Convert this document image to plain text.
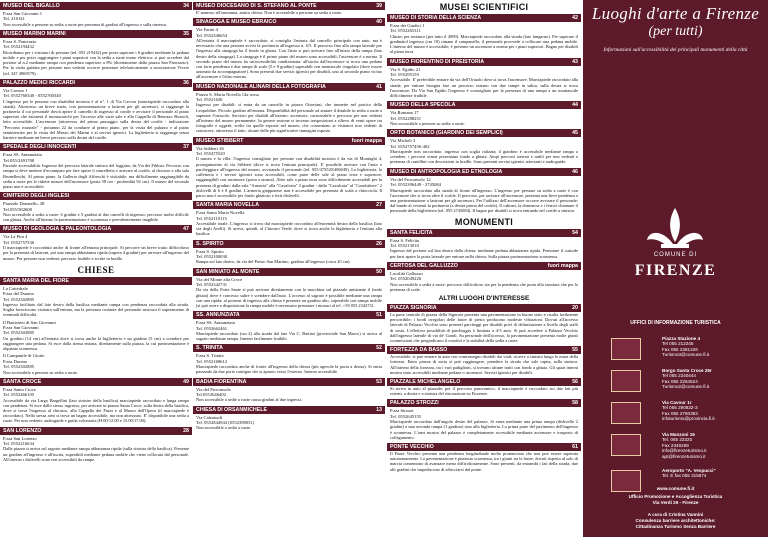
MUSEO DEL BIGALLO	34
P.zza San Giovanni 1
Tel. 210141
Non accessibile a persone su sedia a ruote per presenza di gradini all'ingresso e sulla rimessa.
MUSEO MARINO MARINI	35
P.zza S. Pancrazio
Tel. 0552194432
Ricordiamo per i visitatori di persone (tel. 055 219432) per poter superare i 6 gradini mediante la pedana mobile e per poter raggiungere i piani superiori con la sedia a ruote mono elettrica: si può accedere dal portone al n.2 mediante rampa con pendenza superiore a 8% (direttamente dalla piazza San Pancrazio). Per la visita guidata per persone non vedenti occorre prenotare telefonicamente a associazione Vivere (tel. 347 4969579).
PALAZZO MEDICI RICCARDI	36
Via Cavour 1
Tel. 0552760340 - 0552760340
L'ingresso per le persone con disabilità motoria è al n°. 1 di Via Cavour (marciapiede raccordato alla strada). Attraverso un breve tratto, con pavimentazione a lastroni per gli ascensori, si raggiunge la portineria il cui personale dovrà aprire il cancello di ingresso al cortile e avvisare il personale al piano superiore che azionerà il montacarichi per l'accesso alle varie sale e alla Cappella di Benozzo Bozzoli, letto accessibile. L'ascensore (attraverso del primo passaggio sulla destra del cortile - indicazione "Percorso museale" - potranno 22 da condurre al primo piano, per la visita del palazzo e al piano seminterrato per la visita del Museo dei Marmi e ai servizi igienici. La biglietteria si raggiunge senza barriere mediante un breve percorso sulla destra del cortile.
SPEDALE DEGLI INNOCENTI	37
P.zza SS. Annunziata
Tel.055/2491708
Parziale accessibilità. Ingresso del percorso laterale sinistro del loggiato, da Via dei Fibbiai. Percorso con rampa si deve mettere d'accampato per fare aprire il cancelletto e arrivare al cortile, al chiostro e alla sala Brunelleschi. Al primo piano, la Galleria degli Affreschi è visitabile, ma difficilmente raggiungibile da sedia a ruote per le ridotte misure dell'ascensore (porta 58 cm - profondità 92 cm). Il museo del secondo piano non è accessibile.
CIMITERO DEGLI INGLESI
Piazzale Donatello, 38
Tel.055/582608
Non accessibile a sedia a ruote: 6 gradini e 5 gradini al due cancelli di ingresso; percorso molto difficile con ghiaia. Anche all'interno la pavimentazione è sconnessa e prevalentemente inagibile.
MUSEO DI GEOLOGIA E PALEONTOLOGIA	47
Via La Pira 4
Tel. 0552757536
Il marciapiede è raccordato anche di fronte all'entrata principale. Si percorre un breve tratto difficoltoso per la presenza di lastroni, poi una rampa abbastanza ripida (supera 4 gradini) per arrivare all'ingresso del museo. Per persone non vedenti: percorso fruibile e scritte in braille.
CHIESE
SANTA MARIA DEL FIORE
La Cattedrale
P.zza del Duomo
Tel. 0552302885
Ingresso facilitato dal lato destro della basilica mediante rampa con pendenza raccordata alla strada. Soglia favoriscono visitatra sull'entrata, ma la presenza costante del personale assicura il superamento di eventuali difficoltà.
Il Battistero di San Giovanni
P.zza San Giovanni
Tel. 0552302885
Un gradino (14 cm) all'entrata dove si trova anche la biglietteria e un gradino (5 cm) a scendere per raggiungere una pedana. Si esce dalla stessa entrata, direttamente sulla piazza, la cui pavimentazione è alquanto sconnessa.
Il Campanile di Giotto
P.zza Duomo
Tel. 0552302885
Non accessibile a persone su sedia a ruote.
SANTA CROCE	49
P.zza Santa Croce
Tel. 0552466105
Accessibile da via Largo Bargellini (lato sinistro della basilica) marciapiede raccordato e lunga rampa con pendenza. Si esce dallo stesso ingresso, per arrivare in piazza Santa Croce, sulla destra della basilica, dove si trova l'ingresso al chiostro, alla Cappella dei Pazzi e al Museo dell'Opera (il marciapiede è raccordato). Nella stessa area si trova un bagno accessibile, ma non attrezzato. E' disponibile una sedia a ruote. Per non vedenti: audioguide e guida volontaria (H.00/12.00 e 15.00/17.00).
SAN LORENZO	28
P.zza San Lorenzo
Tel. 0552216634
Dalla piazza si arriva sul sagrato mediante rampa abbastanza ripida (sulla sinistra della basilica). Presente un gradino all'ingresso e all'uscita, superabili mediante pedana mobile che viene collocata dal personale. All'interno i dislivelli sono resi accessibili da rampe.
MUSEO DIOCESANO DI S. STEFANO AL PONTE	39
E' annesso all'omonima, antica chiesa. Non è accessibile a persone su sedia a ruote.
SINAGOGA E MUSEO EBRAICO	40
Via Farini 4
Tel. 0552346654
All'entrata il marciapiede è raccordato; si consiglia l'entrata dal cancello principale con auto, ma è necessario che una persona avvisi la portineria all'ingresso n. 6/5. Il percorso fino alla rampa laterale per l'ingresso alla sinagoga ha il fondo in ghiaia. Con l'auto si può arrivare fino all'inizio della rampa (lato destro della sinagoga). La sinagoga è il primo piano del museo sono accessibili; l'ascensore è a norma. Il secondo piano del museo ha un'accessibilità condizionata: all'uscita dall'ascensore si trova una pedana con forte pendenza e due rampe di scale (5 e 8 gradini) superabili con montascale cingolato (dove essere azionato da accompagnatore). Sono presenti due servizi igienici per disabili, uno al secondo piano vicino all'ascensore e l'altro esterno.
MUSEO NAZIONALE ALINARI DELLA FOTOGRAFIA	41
Piazza S. Maria Novella 14a rosso
Tel. 05521630
Ingresso per disabili: si entra da un cancello in piazza Ottaviani, che immette nel portico della Leopoldine. Piccolo gradino all'entrata. Disponibilità del personale ad aiutare il disabile in sedia a ruote a superare l'ostacolo. Servizio per disabili all'interno: ascensore, carrozzabile e percorso per non vedenti all'interno del museo permanente. In genere sezione si trovano trasposizioni a rilievo di venti opere tra fotografie e oggetti, scelte tra quelle esposte nel museo, che consentono ai visitatori non vedenti di conoscere, attraverso il tatto, alcune delle più significative immagini esposte.
MUSEO STIBBERT	fuori mappa
Via Stibbert 26
Tel. 055475520
Il museo e la villa: l'ingresso consigliato per persone con disabilità motoria è da via di Montughi 4, proseguimento di via Stibbert (dove si trova l'entrata principale). E' possibile arrivare con l'auto e parcheggiare all'ingresso del museo, avvisando il personale (tel. 055/475520/486049). La biglietteria, la caffetteria e i servizi igienici sono accessibili, come parte delle sale al piano terra e superiore, raggiungibili con ascensore (porta a norma). Altre sale a piano terra sono difficilmente accessibili per la presenza di gradini; dalla sala "Armeria" alla "Cavalcata" 3 gradini - dalla "Cavalcata" al "Condottiere" 2 dislivelli di 6 e 8 gradini. L'armeria giapponese non è accessibile per presenza di scala a chiocciola. Il parco non è accessibile per fondo ghiaioso e forti dislivelli.
SANTA MARIA NOVELLA	27
P.zza Santa Maria Novella
Tel. 0552110113
Accessibile totale. L'ingresso si trova dal marciapiede raccordato all'estremità destra della basilica (lato via degli Avelli). Si arriva, quindi, al Chiostro Verde, dove si trova anche la biglietteria e l'entrata alla basilica.
S. SPIRITO	26
P.zza S. Spirito
Tel. 0552100030
Rampa sul lato destro, da via del Presto San Martino, gradino all'ingresso (circa 20 cm).
SAN MINIATO AL MONTE	50
Via del Monte alla Croce
Tel. 0552342731
Da via della Porta Sante si può arrivare direttamente con la macchina sul piazzale antistante il fondo ghiaia) dove è concesso salire e scendere dall'auto. L'accesso al sagrato è possibile mediante una rampa con una ripida: al portone di ingresso alla chiesa è presente un gradino alto, superabile con rampa mobile (si può avere a disposizione la rampa mobile è necessario prenotare i monaci al tel. +39 055 2342731.
SS. ANNUNZIATA	51
P.zza SS. Annunziata
Tel. 0552662461
Marciapiede raccordato (cm 2) alla strada dal lato Via C. Battisti (provinciale San Marco) si arriva al sagrato mediante rampa. Interno facilmente fruibile.
S. TRINITA	52
P.zza S. Trinita
Tel. 0552168612
Marciapiede raccordato anche di fronte all'ingresso della chiesa (più agevole la porta a destra). Si entra passando da due porte contigue che si aprono verso l'esterno. Interno accessibile.
BADIA FIORENTINA	53
Via del Proconsolo
Tel.0552646402
Non accessibile a sedie a ruote causa gradini al due ingressi.
CHIESA DI ORSANMICHELE	13
Via Calzaiuoli
Tel. 0552844944 (0552398051)
Non accessibile a sedia a ruote.
MUSEI SCIENTIFICI
MUSEO DI STORIA DELLA SCIENZA	42
P.zza dei Giudici 1
Tel. 0552265311
Chiuso per restauro (per tutto il 2009). Marciapiede raccordato alla strada (lato lungarno). Per superare il gradinatol ingresso (cm 18) rimane il campanello; il personale provvede a collocare una pedana mobile. L'interno del museo è accessibile; è presente un ascensore a norma per i piani superiori. Bagno per disabili al piano terra.
MUSEO FIORENTINO DI PREISTORIA	43
Via S. Egidio 21
Tel. 055295159
Accessibile. E' preferibile entrare da via dell'Oriuolo dove si trova l'ascensore. Marciapiede raccordato alla strada; per entrare bisogna fare un percorso esterno con due rampe in salita; sulla destra si trova l'ascensore. Da Via San Egidio l'ingresso è sconsigliato per la presenza di una rampa a un montascale difficilmente fruibile.
MUSEO DELLA SPECOLA	44
Via Romana 17
Tel. 0552288251
Non accessibile a persone su sedia a ruote.
ORTO BOTANICO (GIARDINO DEI SEMPLICI)	45
Via Micheli 3
Tel. 0552757456-402
Marciapiede non raccordato; ingresso con soglia rialzata; il giardino è accessibile mediante rampa a scendere, i percorsi ormai presentano fondo a ghiaia. Ampi percorsi sterrati e tattili per non vedenti e presenza di cartellini con descrizioni in braille. Sono presenti servizi igienici attrezzati e audioguide.
MUSEO DI ANTROPOLOGIA ED ETNOLOGIA	46
Via del Proconsolo 12
Tel. 0552396449 - 2745084
Marciapiede raccordato alla strada di fronte all'ingresso. L'ingresso per persone su sedia a ruote è con l'ascensore che si trova oltre il cortile. Il percorso, per arrivare all'ascensore, presenta una lieve pendenza e una pavimentazione a lastroni per gli ascensori. Per l'utilizzo dell'ascensore occorre avvisare il personale: dal bando al vestenti la portineria (a destra prima del cortile). Il cabinet, la domenica e i festivi chiamare il personale della biglietteria (tel. 055 2745084). Il bagno per disabili si trova entrando nel cortile a sinistra.
MONUMENTI
SANTA FELICITA	54
P.zza S. Felicita
Tel. 055213018
Ingresso dal portone sul lato destro della chiesa: mediante pedana abbastanza ripida. Prenotare il custode per farsi aprire la porta laterale per entrare nella chiesa. Sulla piazza pavimentazione sconnessa.
CERTOSA DEL GALLUZZO	fuori mappa
Località Galluzzo
Tel. 0552049226
Non accessibile a sedia a ruote: percorso difficoltoso sia per la pendenza che porta alla struttura che per la presenza di scale.
ALTRI LUOGHI D'INTERESSE
PIAZZA SIGNORIA	20
La parte centrale di piazza della Signoria presenta una pavimentazione in buono stato e risulta facilmente percorribile; i bordi irregolari delle lastre di pietra producono modeste vibrazioni. Dovuti all'accesso laterale di Palazzo Vecchio sono presenti parcheggi per disabili privi di delimitazione a livello degli stalli di sosta. L'effettiva possibilità di parcheggio è limitata a 4-5 auto. Si può accedere a Palazzo Vecchio dall'ingresso laterale di via de' Gondi. Su personale dell'accesso, la pavimentazione presenta molte giunti sconnessioni che pregiudicano il comfort e la stabilità della sedia a ruote.
FORTEZZA DA BASSO	55
Accessibile: si può entrare in auto con contrassegno disabili dai viali; ricavre a sinistra lungo le mura della fortezza. Entro piazza di sorta si può raggiungere, prendere la strada che sale rapita, sulla sinistra. All'interno della fortezza, tra i vari padiglioni, si trovano alcune tratti con fondo a ghiaia. Gli spazi interni mostra sono accessibili mediante pedane o ascensori. Servizi igienici per disabili.
PIAZZALE MICHELANGELO	56
Si arriva in auto al piazzale, per il percorso panoramico, il marciapiede è raccordato sui due lati più esterni, a destra e a sinistra del ristorazione su Fiorenze.
PALAZZO STROZZI	58
P.zza Strozzi
Tel. 0552645155
Marciapiede raccordato dall'angolo destro del palazzo. Si entra mediante una prima rampa (dislivello 2 gradini) a una seconda rampa (1 gradino) sino alla biglietteria. La prima parte del pavimento dell'ingresso è sconnessa. L'area mostra del palazzo è completamente accessibile mediante ascensore e trasporto di collegamento.
PONTE VECCHIO	61
Il Ponte Vecchio presenta una pendenza longitudinale molto pronunciata che non può essere superata autonomamente. La pavimentazione è piuttosto sconnessa, tra i giunti tra le lastre, dovuti rispetto al solo di marcia consentono di avanzare meno difficoltosamente. Sono presenti, da entrambi i lati della strada, due alti gradini che impediscono di affacciarsi dal ponte.
Luoghi d'arte a Firenze
(per tutti)
Informazioni sull'accessibilità dei principali monumenti della città
COMUNE DI
FIRENZE
UFFICI DI INFORMAZIONE TURISTICA
Piazza Stazione 4
Tel 055 212245
Fax 055 2381226
Turismo3@comune.fi.it
Borgo Santa Croce 29r
Tel 055 2340444
Fax 055 2264524
Turismo2@comune.fi.it
Via Cavour 1r
Tel 055 290832-3
Fax 055 2760383
infoturismo@provincia.fi.it
Via Manzoni 16
Tel. 055 23320
Fax 2346289
info@firenzeturismo.it
apt@firenzeturismo.it
Aeroporto "A. Vespucci"
Tel. E fax 055 315874
www.comune.fi.it
Ufficio Promozione e Accoglienza Turistica
Via Verdi 26 - Firenze
A cura di Cristina Vannini
Consulenza barriere architettoniche:
Cittadinanza Turismo Senza Barriere
